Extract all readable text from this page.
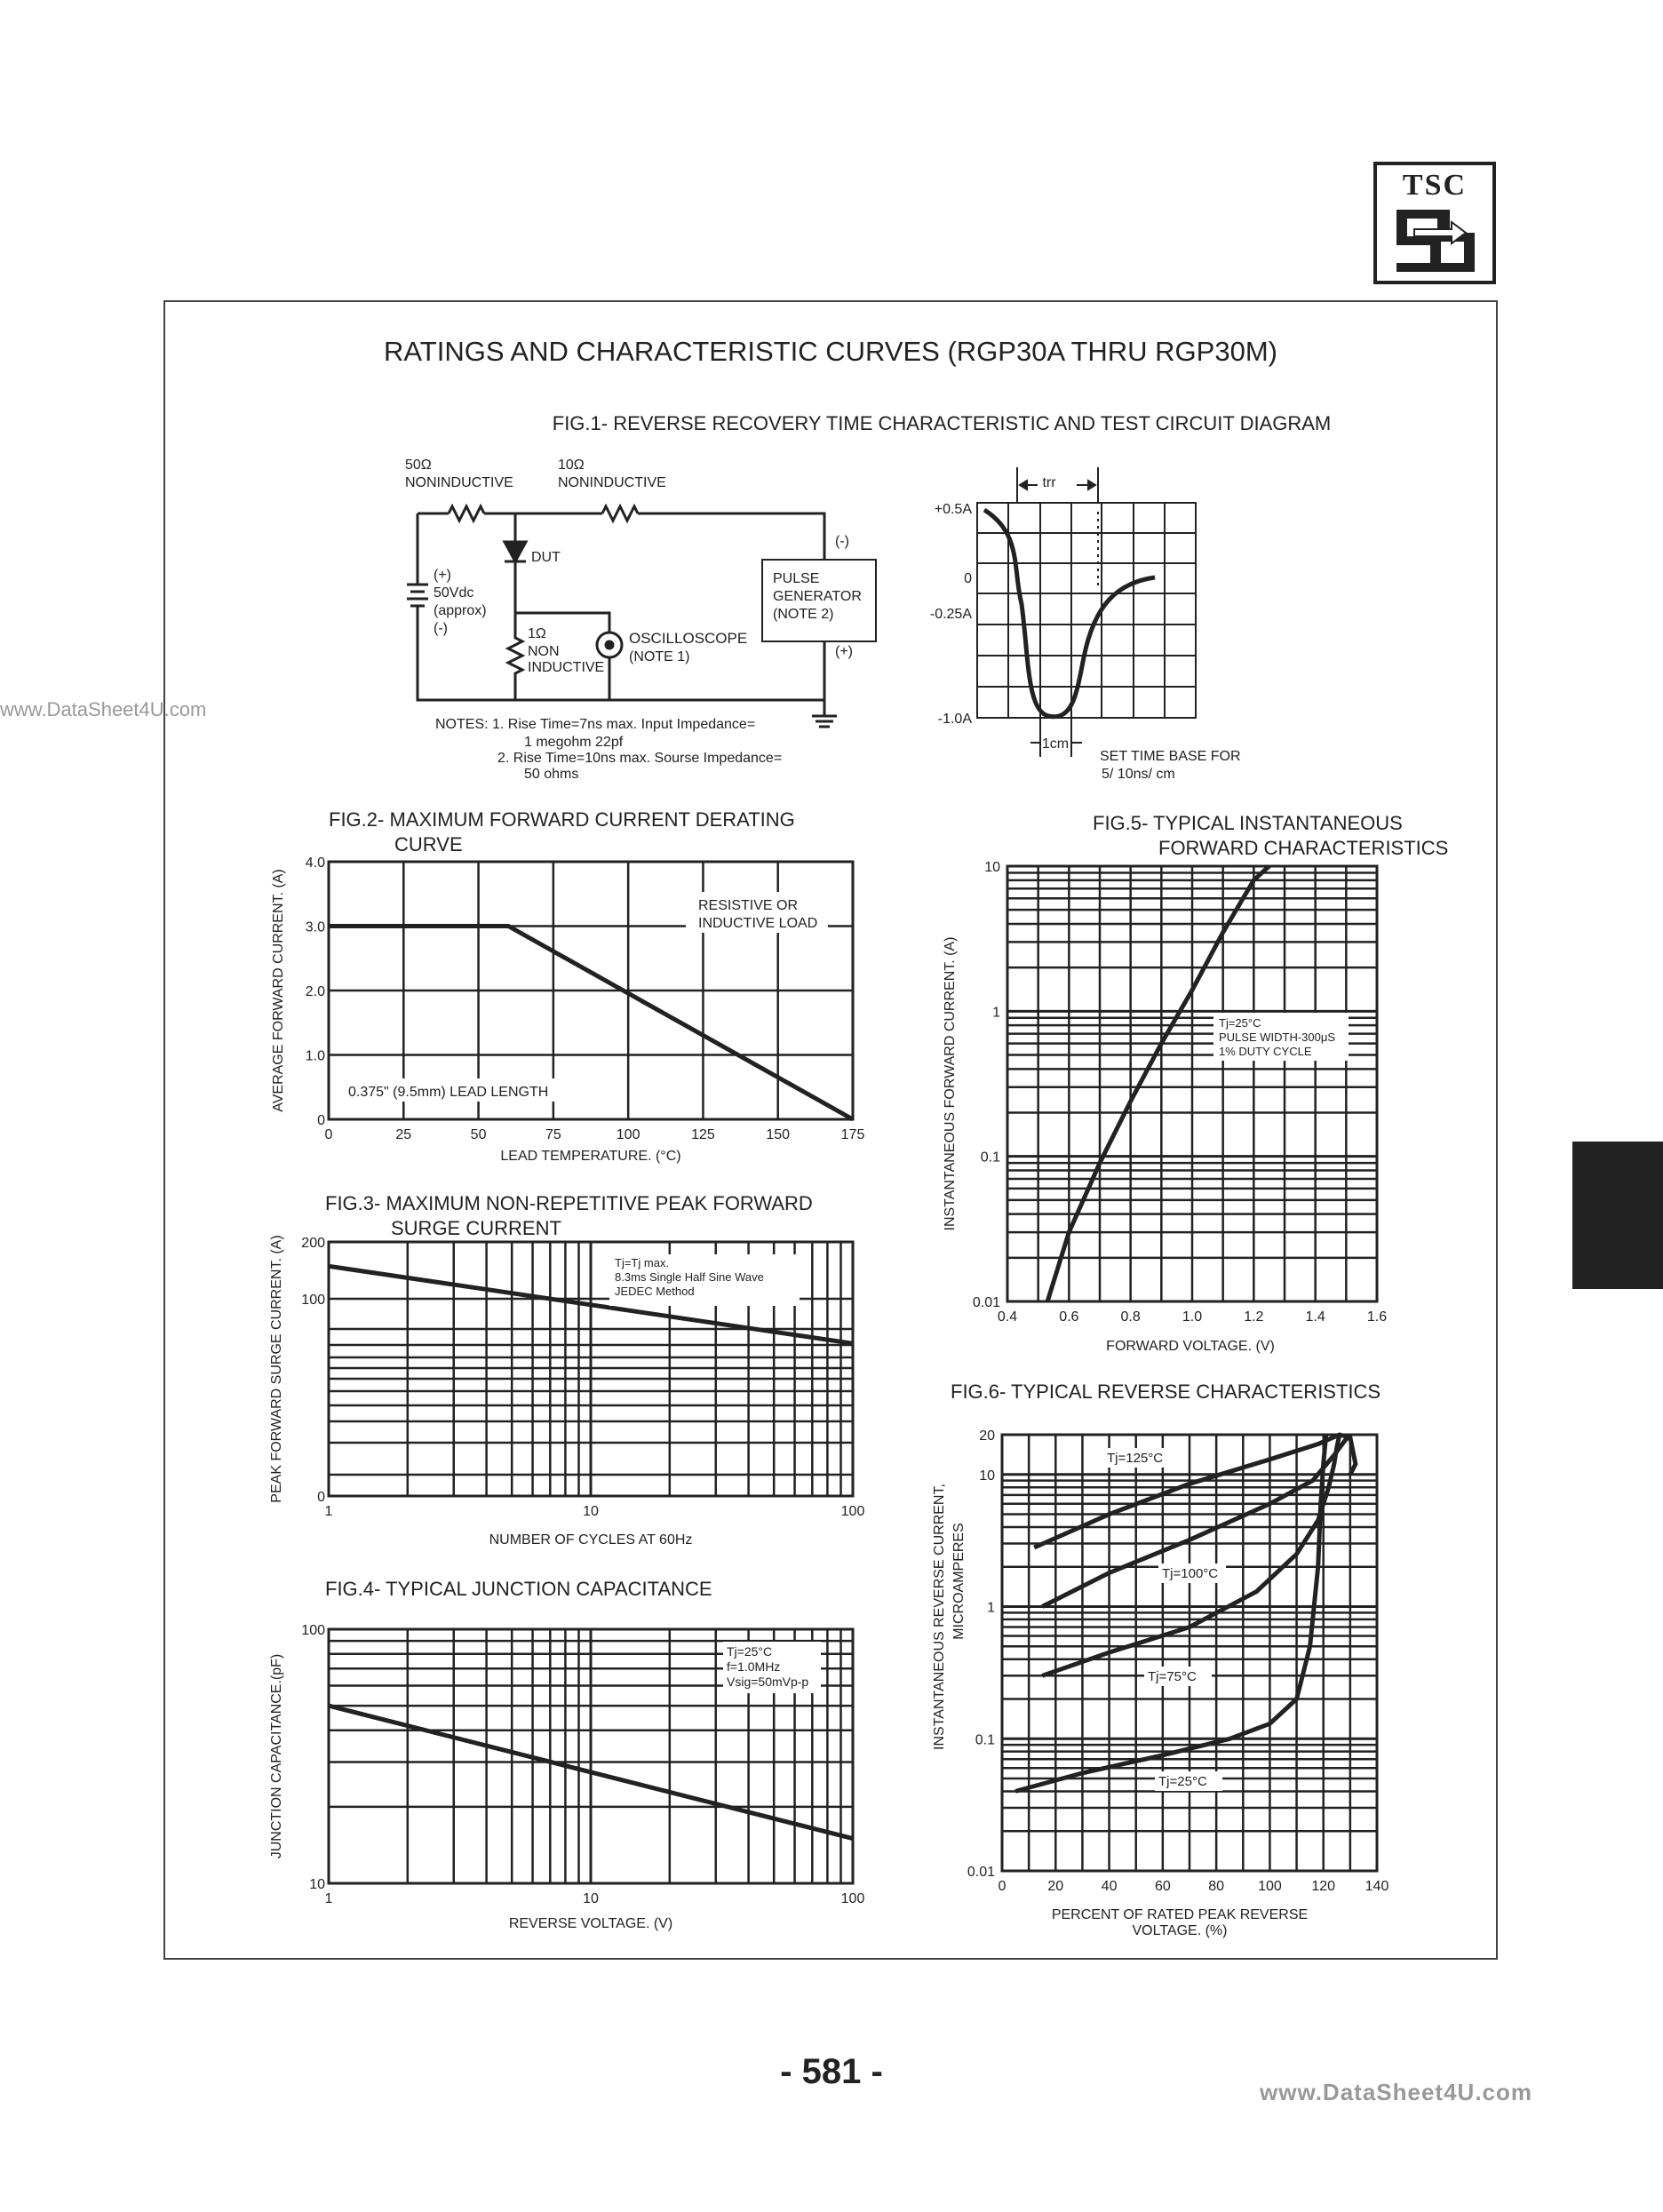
TSC
www.DataSheet4U.com
RATINGS AND CHARACTERISTIC CURVES (RGP30A THRU RGP30M)
FIG.1- REVERSE RECOVERY TIME CHARACTERISTIC AND TEST CIRCUIT DIAGRAM
50Ω
NONINDUCTIVE
10Ω
NONINDUCTIVE
DUT
(+)
50Vdc
(approx)
(-)	1Ω
NON
INDUCTIVE
OSCILLOSCOPE
(NOTE 1)
PULSE
GENERATOR
(NOTE 2)
(-)
(+)
NOTES: 1. Rise Time=7ns max. Input Impedance=
1 megohm 22pf
2. Rise Time=10ns max. Sourse Impedance=
50 ohms
trr
+0.5A
0
-0.25A
-1.0A
1cm
SET TIME BASE FOR
5/ 10ns/ cm
FIG.2- MAXIMUM FORWARD CURRENT DERATING
CURVE
0	25	50	75	100	125	150	175
0
1.0
2.0
3.0
4.0
RESISTIVE OR
INDUCTIVE LOAD
0.375" (9.5mm) LEAD LENGTH
LEAD TEMPERATURE. (°C)
AVERAGE FORWARD CURRENT. (A)
FIG.3- MAXIMUM NON-REPETITIVE PEAK FORWARD
SURGE CURRENT
1	10	100
0
100
200
Tj=Tj max.
8.3ms Single Half Sine Wave
JEDEC Method
NUMBER OF CYCLES AT 60Hz
PEAK FORWARD SURGE CURRENT. (A)
FIG.4- TYPICAL JUNCTION CAPACITANCE
1	10	100
10
100
Tj=25°C
f=1.0MHz
Vsig=50mVp-p
REVERSE VOLTAGE. (V)
JUNCTION CAPACITANCE.(pF)
FIG.5- TYPICAL INSTANTANEOUS
FORWARD CHARACTERISTICS
0.4	0.6	0.8	1.0	1.2	1.4	1.6
0.01
0.1
1
10
Tj=25°C
PULSE WIDTH-300μS
1% DUTY CYCLE
FORWARD VOLTAGE. (V)
INSTANTANEOUS FORWARD CURRENT. (A)
FIG.6- TYPICAL REVERSE CHARACTERISTICS
0	20	40	60	80 100 120 140
0.01
0.1
1
10
20
Tj=125°C
Tj=100°C
Tj=75°C
Tj=25°C
PERCENT OF RATED PEAK REVERSE
VOLTAGE. (%)
INSTANTANEOUS REVERSE CURRENT, MICROAMPERES
- 581 -
www.DataSheet4U.com
